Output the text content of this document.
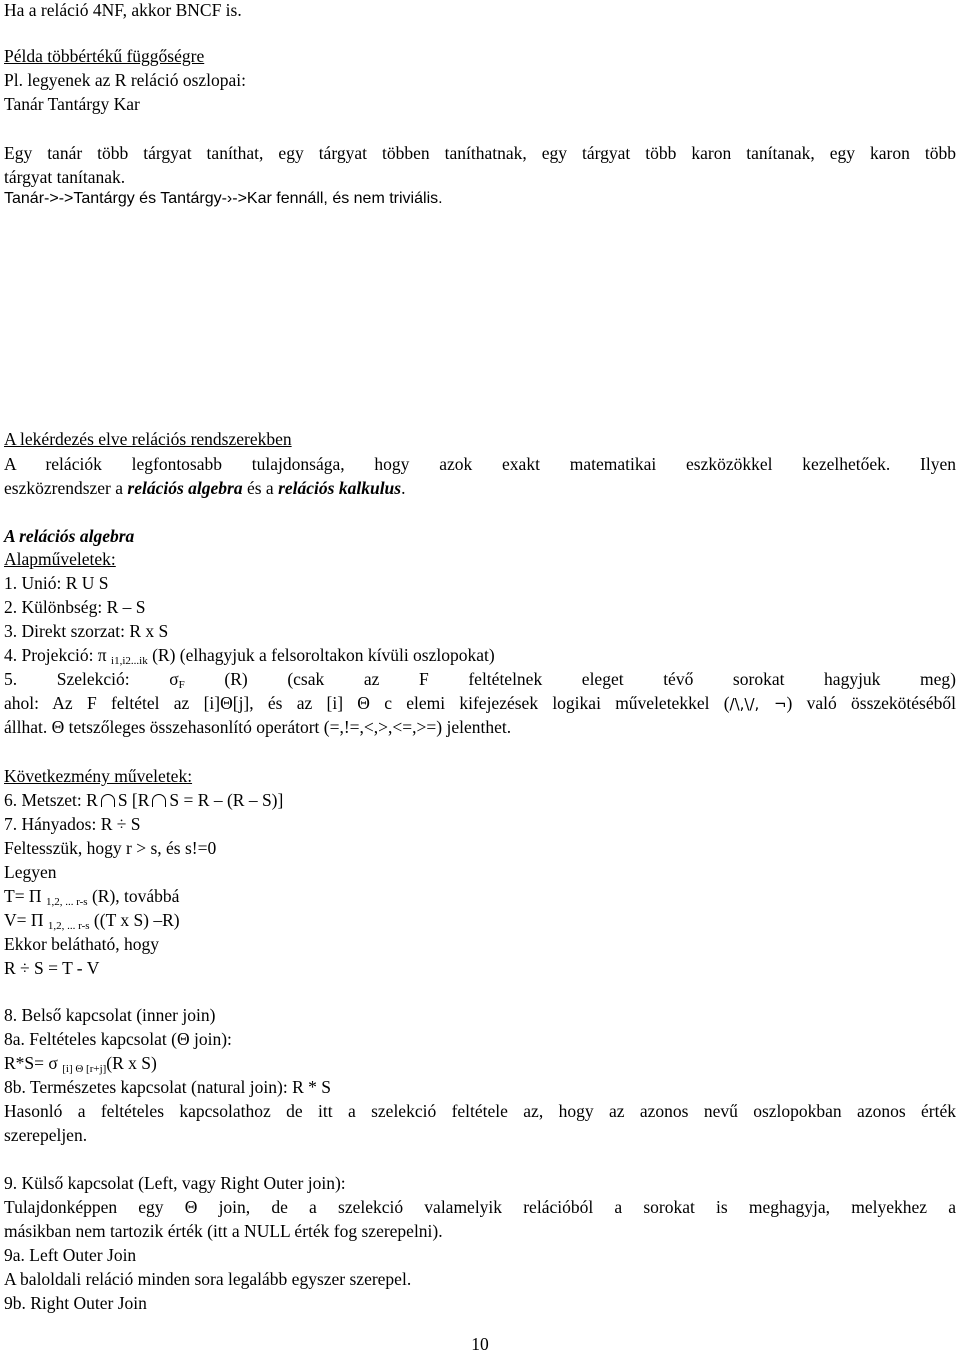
Ha a reláció 4NF, akkor BNCF is.
Példa többértékű függőségre
Pl. legyenek az R reláció oszlopai:
Tanár Tantárgy Kar
Egy tanár több tárgyat taníthat, egy tárgyat többen taníthatnak, egy tárgyat több karon tanítanak, egy karon több
tárgyat tanítanak.
Tanár->->Tantárgy és Tantárgy-›->Kar fennáll, és nem triviális.
A lekérdezés elve relációs rendszerekben
A relációk legfontosabb tulajdonsága, hogy azok exakt matematikai eszközökkel kezelhetőek. Ilyen
eszközrendszer a relációs algebra és a relációs kalkulus.
A relációs algebra
Alapműveletek:
1. Unió: R U S
2. Különbség: R – S
3. Direkt szorzat: R x S
4. Projekció: π $_{i1,i2...ik}$ (R) (elhagyjuk a felsoroltakon kívüli oszlopokat)
5. Szelekció: $\sigma_F$ (R) (csak az F feltételnek eleget tévő sorokat hagyjuk meg)
ahol: Az F feltétel az [i]Θ[j], és az [i] Θ c elemi kifejezések logikai műveletekkel (/\,\/, ¬) való összekötéséből
állhat. Θ tetszőleges összehasonlító operátort (=,!=,<,>,<=,>=) jelenthet.
Következmény műveletek:
6. Metszet: R S [R S = R – (R – S)]
7. Hányados: R ÷ S
Feltesszük, hogy r > s, és s!=0
Legyen
T= Π $_{1,2, ... r-s}$ (R), továbbá
V= Π $_{1,2, ... r-s}$ ((T x S) –R)
Ekkor belátható, hogy
R ÷ S = T - V
8. Belső kapcsolat (inner join)
8a. Feltételes kapcsolat (Θ join):
R*S= σ $_{[i] \Theta [r+j]}$(R x S)
8b. Természetes kapcsolat (natural join): R * S
Hasonló a feltételes kapcsolathoz de itt a szelekció feltétele az, hogy az azonos nevű oszlopokban azonos érték
szerepeljen.
9. Külső kapcsolat (Left, vagy Right Outer join):
Tulajdonképpen egy Θ join, de a szelekció valamelyik relációból a sorokat is meghagyja, melyekhez a
másikban nem tartozik érték (itt a NULL érték fog szerepelni).
9a. Left Outer Join
A baloldali reláció minden sora legalább egyszer szerepel.
9b. Right Outer Join
10
